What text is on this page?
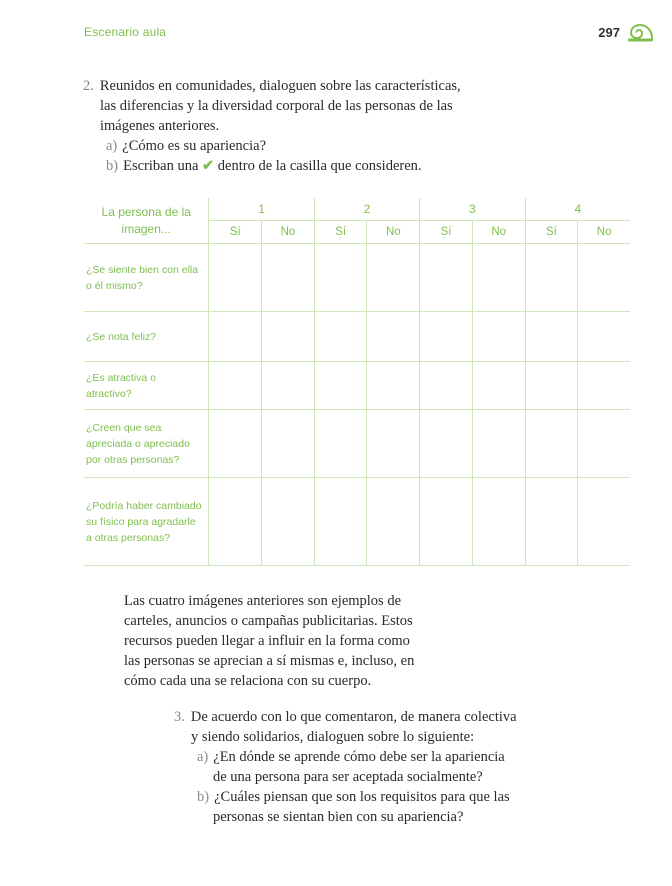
Escenario aula	297
2. Reunidos en comunidades, dialoguen sobre las características,
las diferencias y la diversidad corporal de las personas de las
imágenes anteriores.
a) ¿Cómo es su apariencia?
b) Escriban una ✔ dentro de la casilla que consideren.
La persona de la imagen...	1		2		3		4	
	Sí	No	Sí	No	Sí	No	Sí	No
¿Se siente bien con ella o él mismo?								
¿Se nota feliz?								
¿Es atractiva o atractivo?								
¿Creen que sea apreciada o apreciado por otras personas?								
¿Podría haber cambiado su físico para agradarle a otras personas?								
Las cuatro imágenes anteriores son ejemplos de
carteles, anuncios o campañas publicitarias. Estos
recursos pueden llegar a influir en la forma como
las personas se aprecian a sí mismas e, incluso, en
cómo cada una se relaciona con su cuerpo.
3. De acuerdo con lo que comentaron, de manera colectiva
y siendo solidarios, dialoguen sobre lo siguiente:
a) ¿En dónde se aprende cómo debe ser la apariencia
de una persona para ser aceptada socialmente?
b) ¿Cuáles piensan que son los requisitos para que las
personas se sientan bien con su apariencia?
